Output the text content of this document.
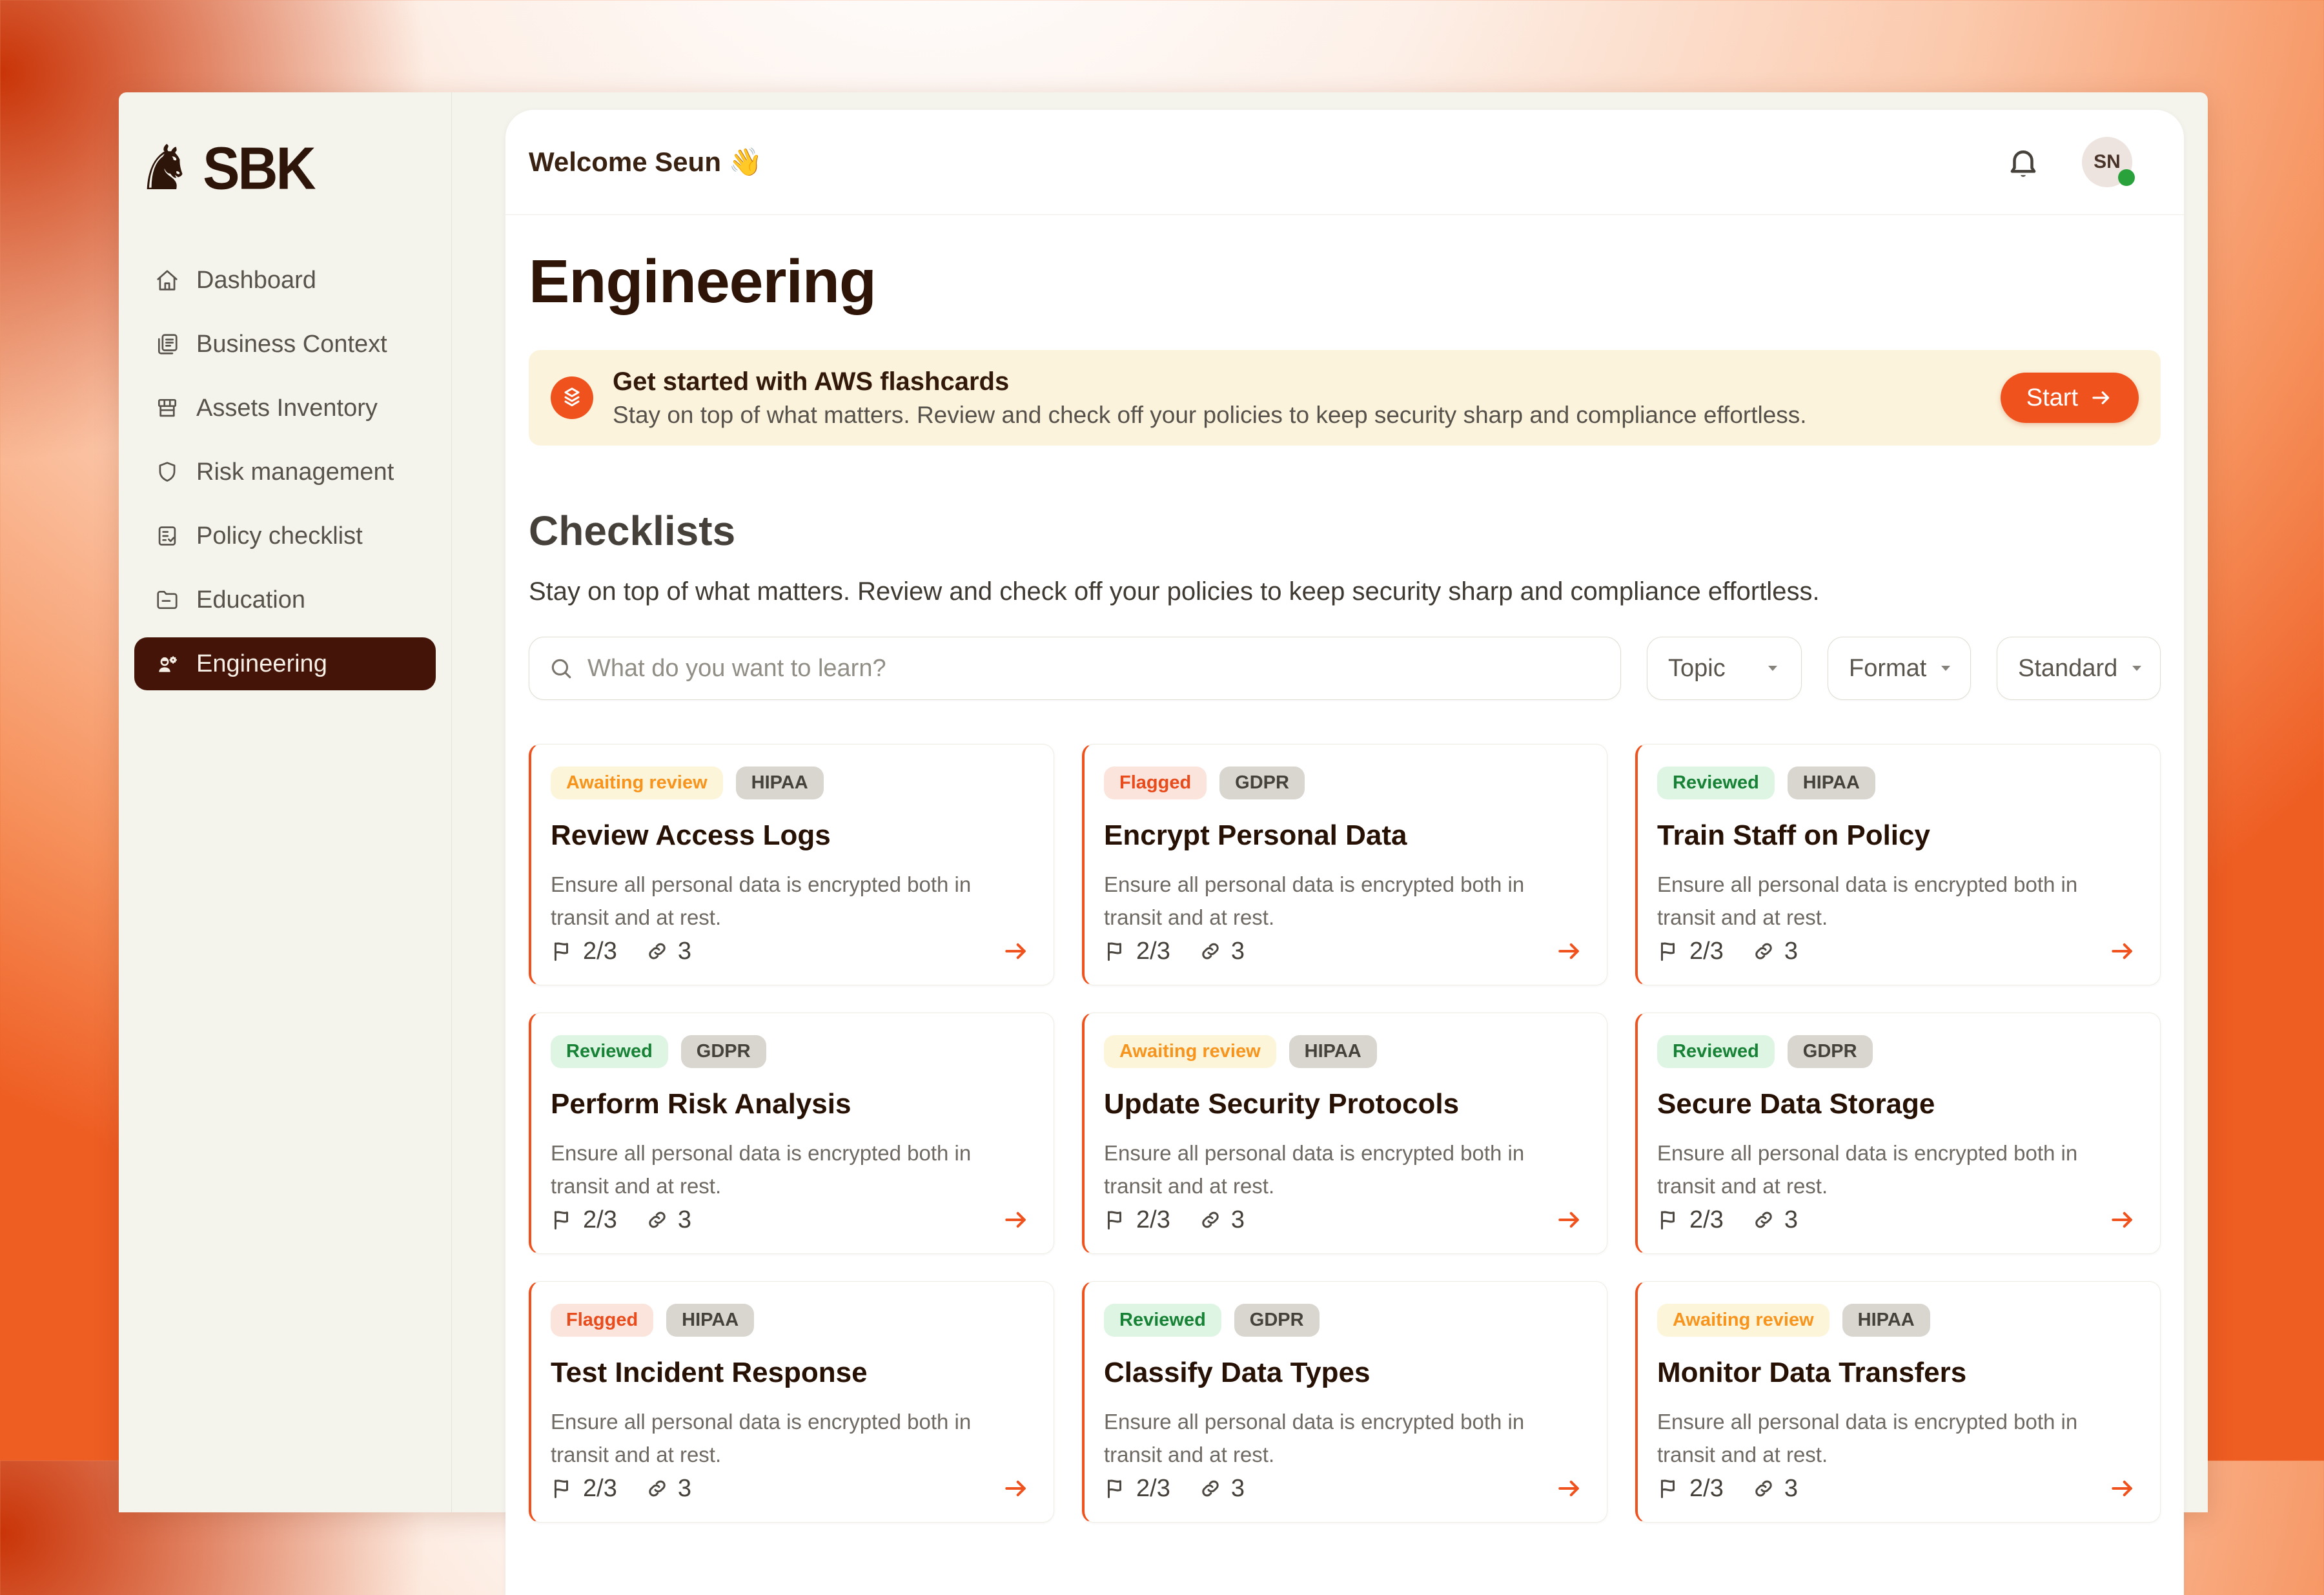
♞ SBK
Dashboard
Business Context
Assets Inventory
Risk management
Policy checklist
Education
Engineering
Welcome Seun 👋	SN
Engineering
Get started with AWS flashcards
Stay on top of what matters. Review and check off your policies to keep security sharp and compliance effortless.
Start
Checklists

Stay on top of what matters. Review and check off your policies to keep security sharp and compliance effortless.

What do you want to learn?
Topic	Format	Standard
Awaiting review	HIPAA
Review Access Logs

Ensure all personal data is encrypted both in transit and at rest.

2/3 3
Flagged	GDPR
Encrypt Personal Data

Ensure all personal data is encrypted both in transit and at rest.

2/3 3
Reviewed	HIPAA
Train Staff on Policy

Ensure all personal data is encrypted both in transit and at rest.

2/3 3
Reviewed	GDPR
Perform Risk Analysis

Ensure all personal data is encrypted both in transit and at rest.

2/3 3
Awaiting review	HIPAA
Update Security Protocols

Ensure all personal data is encrypted both in transit and at rest.

2/3 3
Reviewed	GDPR
Secure Data Storage

Ensure all personal data is encrypted both in transit and at rest.

2/3 3
Flagged	HIPAA
Test Incident Response

Ensure all personal data is encrypted both in transit and at rest.

2/3 3
Reviewed	GDPR
Classify Data Types

Ensure all personal data is encrypted both in transit and at rest.

2/3 3
Awaiting review	HIPAA
Monitor Data Transfers

Ensure all personal data is encrypted both in transit and at rest.

2/3 3
